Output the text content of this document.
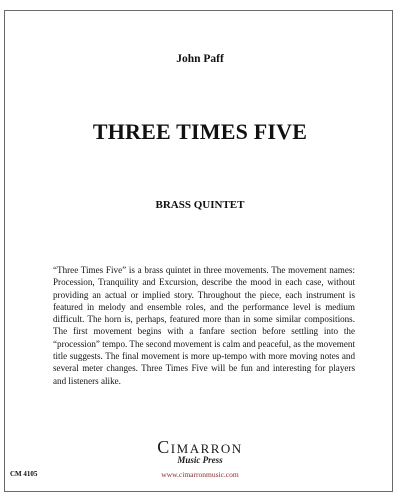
John Paff
THREE TIMES FIVE
BRASS QUINTET

“Three Times Five” is a brass quintet in three movements. The movement names: Procession, Tranquility and Excursion, describe the mood in each case, without providing an actual or implied story. Throughout the piece, each instrument is featured in melody and ensemble roles, and the performance level is medium difficult. The horn is, perhaps, featured more than in some similar compositions. The first movement begins with a fanfare section before settling into the “procession” tempo. The second movement is calm and peaceful, as the movement title suggests. The final movement is more up-tempo with more moving notes and several meter changes. Three Times Five will be fun and interesting for players and listeners alike.

Cimarron
Music Press
CM 4105	www.cimarronmusic.com
